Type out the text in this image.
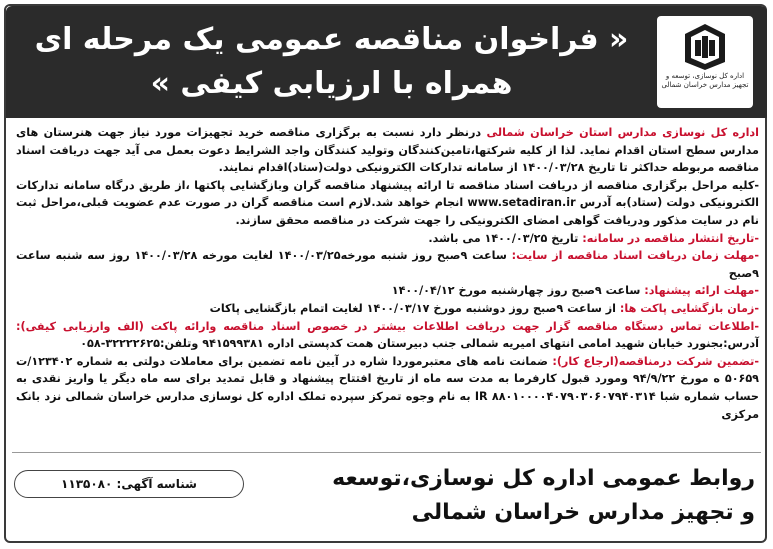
« فراخوان مناقصه عمومی یک مرحله ای
همراه با ارزیابی کیفی »	اداره کل نوسازی، توسعه و تجهیز مدارس خراسان شمالی

اداره کل نوسازی مدارس استان خراسان شمالی درنظر دارد نسبت به برگزاری مناقصه خرید تجهیزات مورد نیاز جهت هنرستان های مدارس سطح استان اقدام نماید. لذا از کلیه شرکتها،تامین‌کنندگان وتولید کنندگان واجد الشرایط دعوت بعمل می آید جهت دریافت اسناد مناقصه مربوطه حداکثر تا تاریخ ۱۴۰۰/۰۳/۲۸ از سامانه تدارکات الکترونیکی دولت(ستاد)اقدام نمایند.

-کلیه مراحل برگزاری مناقصه از دریافت اسناد مناقصه تا ارائه پیشنهاد مناقصه گران وبازگشایی پاکتها ،از طریق درگاه سامانه تدارکات الکترونیکی دولت (ستاد)به آدرس www.setadiran.ir انجام خواهد شد.لازم است مناقصه گران در صورت عدم عضویت قبلی،مراحل ثبت نام در سایت مذکور ودریافت گواهی امضای الکترونیکی را جهت شرکت در مناقصه محقق سازند.

-تاریخ انتشار مناقصه در سامانه: تاریخ ۱۴۰۰/۰۳/۲۵ می باشد.

-مهلت زمان دریافت اسناد مناقصه از سایت: ساعت ۹صبح روز شنبه مورخه۱۴۰۰/۰۳/۲۵ لغایت مورخه ۱۴۰۰/۰۳/۲۸ روز سه شنبه ساعت ۹صبح

-مهلت ارائه پیشنهاد: ساعت ۹صبح روز چهارشنبه مورخ ۱۴۰۰/۰۴/۱۲

-زمان بازگشایی پاکت ها: از ساعت ۹صبح روز دوشنبه مورخ ۱۴۰۰/۰۳/۱۷ لغایت اتمام بازگشایی پاکات

-اطلاعات تماس دستگاه مناقصه گزار جهت دریافت اطلاعات بیشتر در خصوص اسناد مناقصه وارائه پاکت (الف وارزیابی کیفی): آدرس:بجنورد خیابان شهید امامی انتهای امیریه شمالی جنب دبیرستان همت کدپستی اداره ۹۴۱۵۹۹۳۸۱ وتلفن:۳۲۲۲۲۶۲۵-۰۵۸

-تضمین شرکت درمناقصه(ارجاع کار): ضمانت نامه های معتبرموردا شاره در آیین نامه تضمین برای معاملات دولتی به شماره ۱۲۳۴۰۲/ت ۵۰۶۵۹ ه مورخ ۹۴/۹/۲۲ ومورد قبول کارفرما به مدت سه ماه از تاریخ افتتاح پیشنهاد و قابل تمدید برای سه ماه دیگر یا واریز نقدی به حساب شماره شبا IR ۸۸۰۱۰۰۰۰۴۰۷۹۰۳۰۶۰۷۹۴۰۳۱۴ به نام وجوه تمرکز سپرده تملک اداره کل نوسازی مدارس خراسان شمالی نزد بانک مرکزی

روابط عمومی اداره کل نوسازی،توسعه
و تجهیز مدارس خراسان شمالی
شناسه آگهی: ۱۱۳۵۰۸۰
